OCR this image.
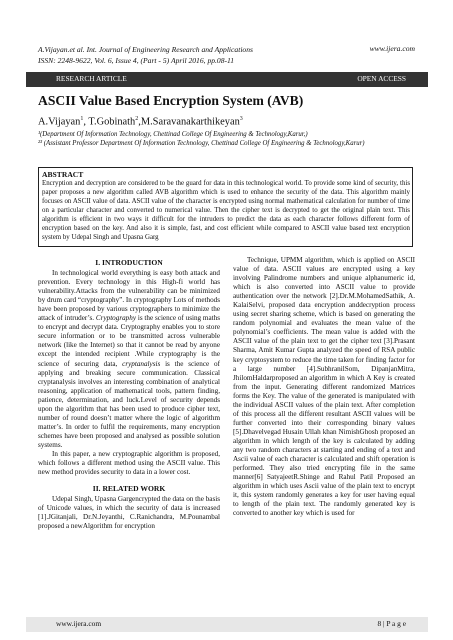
A.Vijayan.et al. Int. Journal of Engineering Research and Applications
ISSN: 2248-9622, Vol. 6, Issue 4, (Part - 5) April 2016, pp.08-11
www.ijera.com
RESEARCH ARTICLE	OPEN ACCESS
ASCII Value Based Encryption System (AVB)
A.Vijayan$^1$, T.Gobinath$^2$,M.Saravanakarthikeyan$^3$
¹(Department Of Information Technology, Chettinad College Of Engineering & Technology,Karur,)
²³ (Assistant Professor Department Of Information Technology, Chettinad College Of Engineering & Technology,Karur)
ABSTRACT
Encryption and decryption are considered to be the guard for data in this technological world. To provide some kind of security, this paper proposes a new algorithm called AVB algorithm which is used to enhance the security of the data. This algorithm mainly focuses on ASCII value of data. ASCII value of the character is encrypted using normal mathematical calculation for number of time on a particular character and converted to numerical value. Then the cipher text is decrypted to get the original plain text. This algorithm is efficient in two ways it difficult for the intruders to predict the data as each character follows different form of encryption based on the key. And also it is simple, fast, and cost efficient while compared to ASCII value based text encryption system by Udepal Singh and Upasna Garg
I. INTRODUCTION

In technological world everything is easy both attack and prevention. Every technology in this High-fi world has vulnerability.Attacks from the vulnerability can be minimized by drum card “cryptography”. In cryptography Lots of methods have been proposed by various cryptographers to minimize the attack of intruder’s. Cryptography is the science of using maths to encrypt and decrypt data. Cryptography enables you to store secure information or to be transmitted across vulnerable network (like the Internet) so that it cannot be read by anyone except the intended recipient .While cryptography is the science of securing data, cryptanalysis is the science of applying and breaking secure communication. Classical cryptanalysis involves an interesting combination of analytical reasoning, application of mathematical tools, pattern finding, patience, determination, and luck.Level of security depends upon the algorithm that has been used to produce cipher text, number of round doesn’t matter where the logic of algorithm matter’s. In order to fulfil the requirements, many encryption schemes have been proposed and analysed as possible solution systems.

In this paper, a new cryptographic algorithm is proposed, which follows a different method using the ASCII value. This new method provides security to data in a lower cost.

II. RELATED WORK

Udepal Singh, Upasna Gargencrypted the data on the basis of Unicode values, in which the security of data is increased [1].JGitanjali, Dr.N.Jeyanthi, C.Ranichandra, M.Pounambal proposed a newAlgorithm for encryption

Technique, UPMM algorithm, which is applied on ASCII value of data. ASCII values are encrypted using a key involving Palindrome numbers and unique alphanumeric id, which is also converted into ASCII value to provide authentication over the network [2].Dr.M.MohamedSathik, A. KalaiSelvi, proposed data encryption anddecryption process using secret sharing scheme, which is based on generating the random polynomial and evaluates the mean value of the polynomial’s coefficients. The mean value is added with the ASCII value of the plain text to get the cipher text [3].Prasant Sharma, Amit Kumar Gupta analyzed the speed of RSA public key cryptosystem to reduce the time taken for finding factor for a large number [4].SubhranilSom, DipanjanMitra, JhilomHaldarproposed an algorithm in which A Key is created from the input. Generating different randomized Matrices forms the Key. The value of the generated is manipulated with the individual ASCII values of the plain text. After completion of this process all the different resultant ASCII values will be further converted into their corresponding binary values [5].Dhavelvegad Husain Ullah khan NimishGhosh proposed an algorithm in which length of the key is calculated by adding any two random characters at starting and ending of a text and Ascii value of each character is calculated and shift operation is performed. They also tried encrypting file in the same manner[6] SatyajeetR.Shinge and Rahul Patil Proposed an algorithm in which uses Ascii value of the plain text to encrypt it, this system randomly generates a key for user having equal to length of the plain text. The randomly generated key is converted to another key which is used for

www.ijera.com	8 | P a g e
